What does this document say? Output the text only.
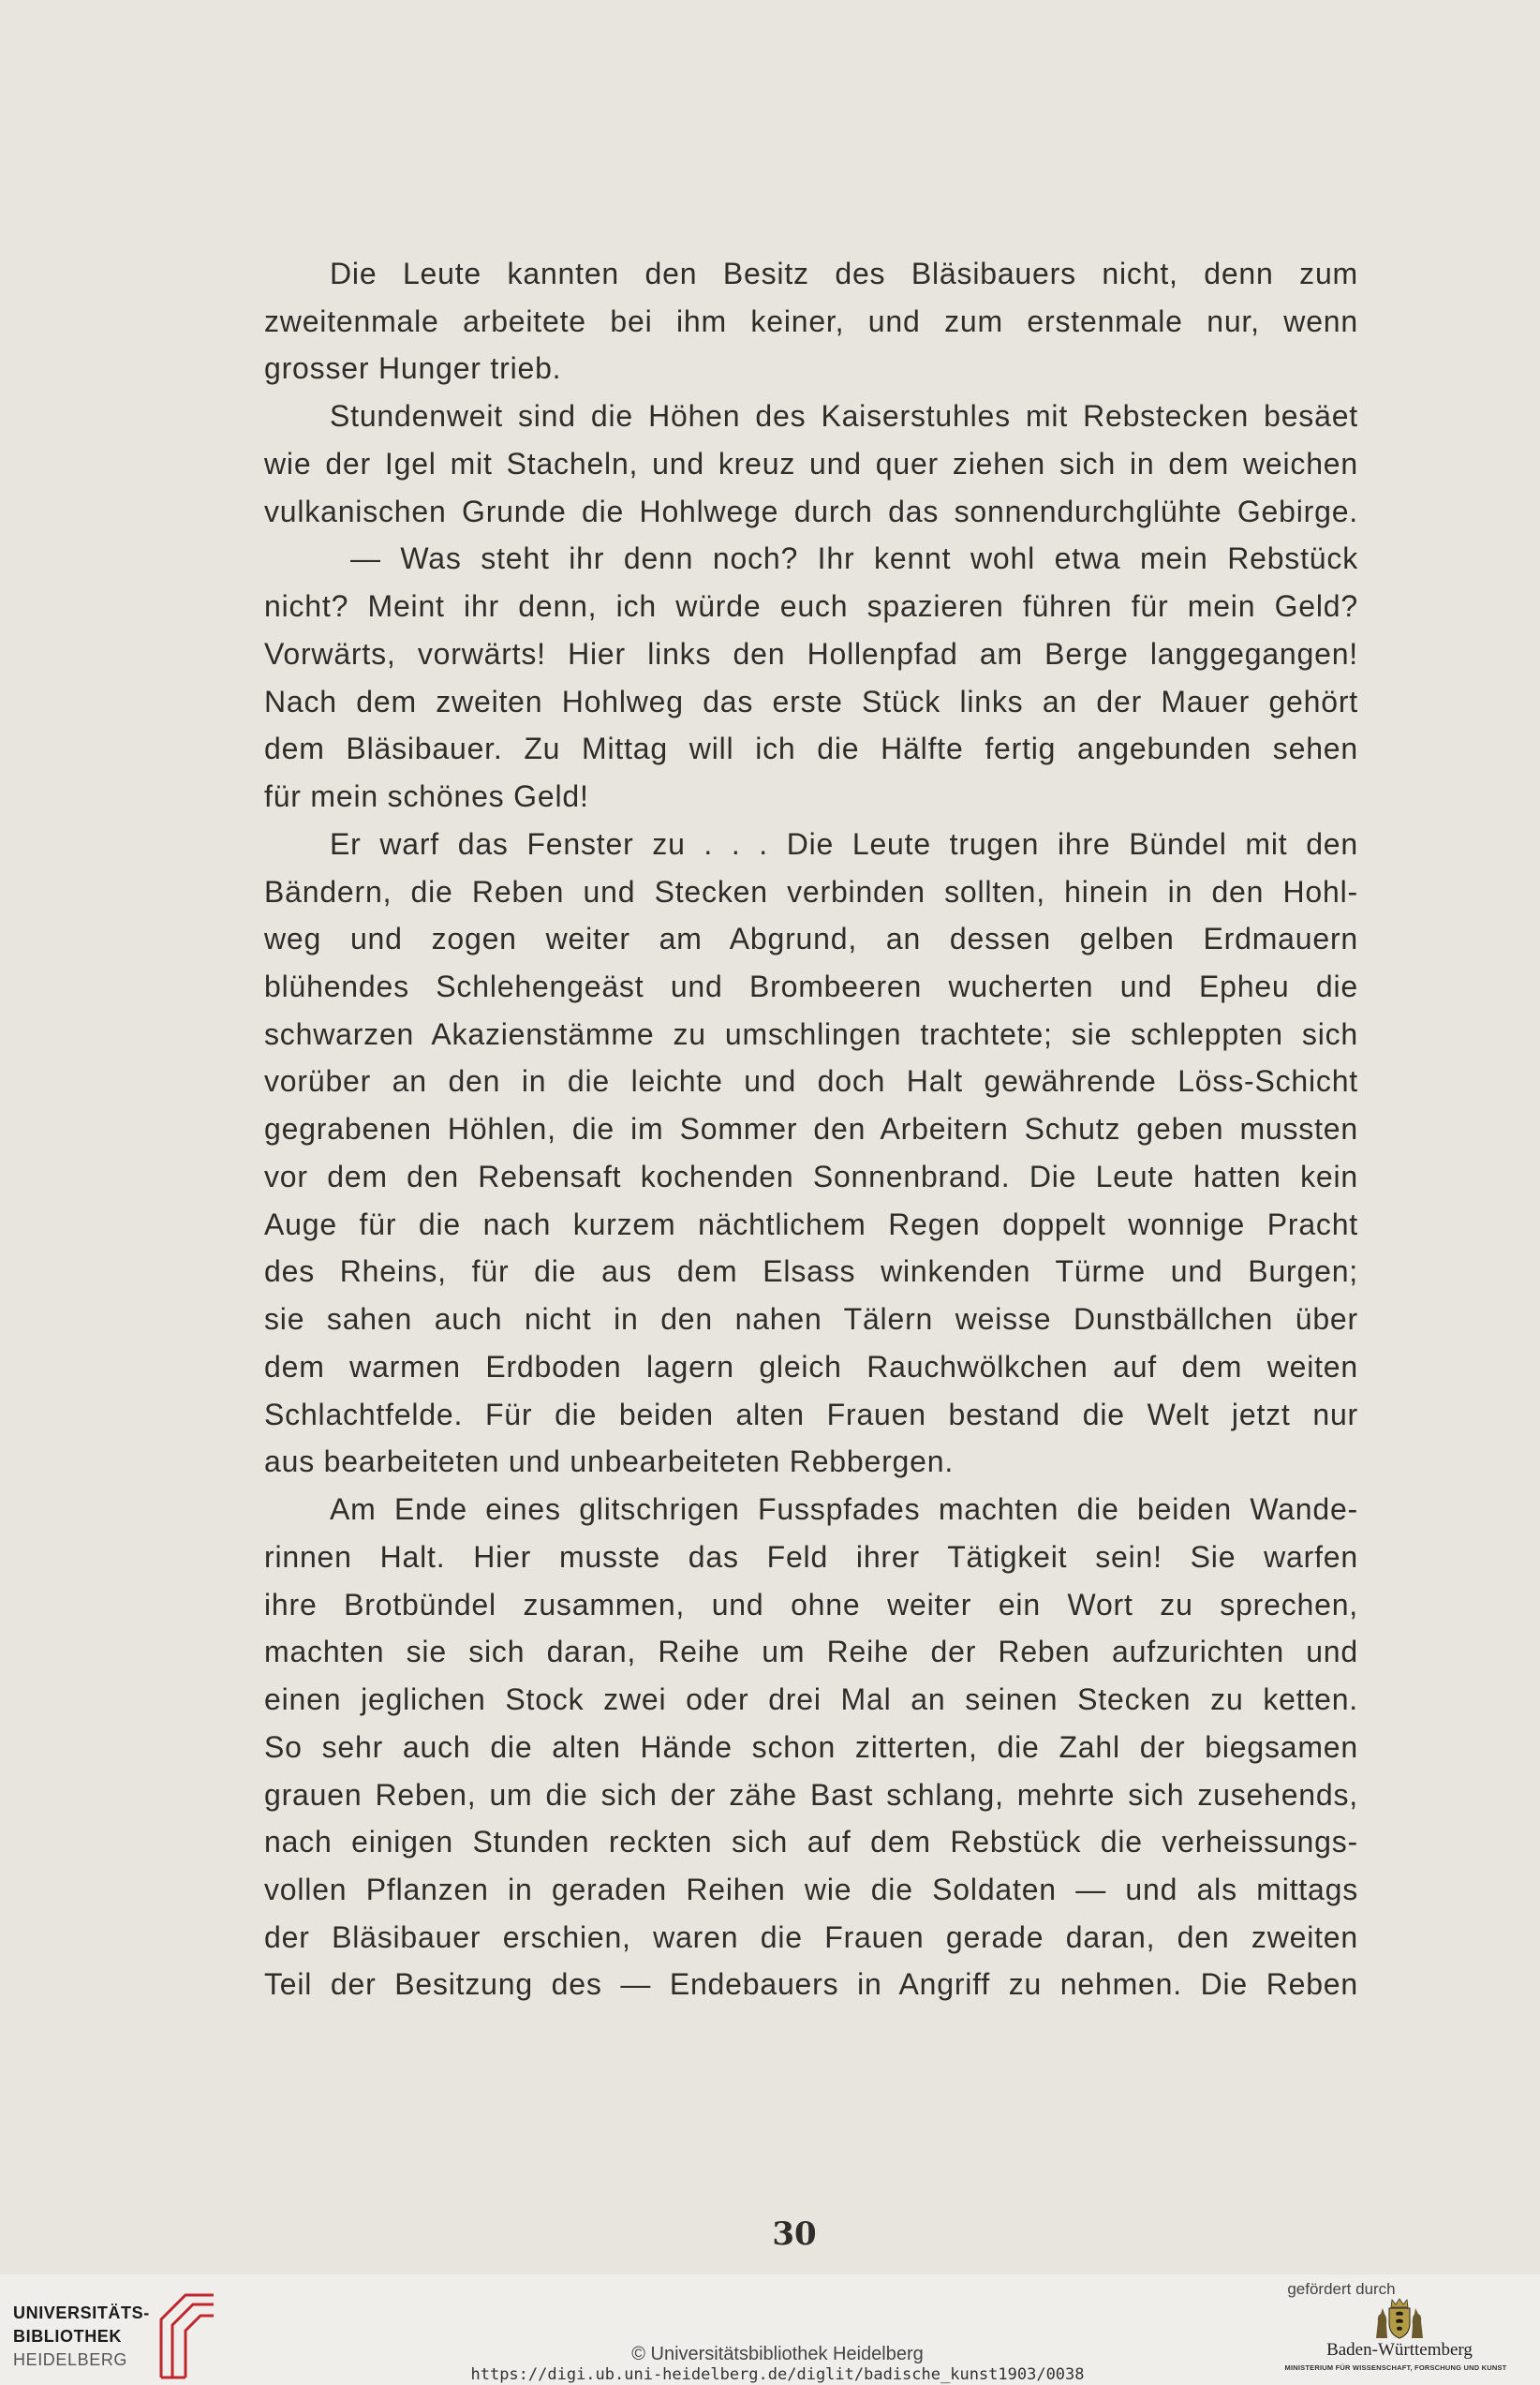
Die Leute kannten den Besitz des Bläsibauers nicht, denn zum
zweitenmale arbeitete bei ihm keiner, und zum erstenmale nur, wenn
grosser Hunger trieb.
Stundenweit sind die Höhen des Kaiserstuhles mit Rebstecken besäet
wie der Igel mit Stacheln, und kreuz und quer ziehen sich in dem weichen
vulkanischen Grunde die Hohlwege durch das sonnendurchglühte Gebirge.
— Was steht ihr denn noch? Ihr kennt wohl etwa mein Rebstück
nicht? Meint ihr denn, ich würde euch spazieren führen für mein Geld?
Vorwärts, vorwärts! Hier links den Hollenpfad am Berge langgegangen!
Nach dem zweiten Hohlweg das erste Stück links an der Mauer gehört
dem Bläsibauer. Zu Mittag will ich die Hälfte fertig angebunden sehen
für mein schönes Geld!
Er warf das Fenster zu . . . Die Leute trugen ihre Bündel mit den
Bändern, die Reben und Stecken verbinden sollten, hinein in den Hohl-
weg und zogen weiter am Abgrund, an dessen gelben Erdmauern
blühendes Schlehengeäst und Brombeeren wucherten und Epheu die
schwarzen Akazienstämme zu umschlingen trachtete; sie schleppten sich
vorüber an den in die leichte und doch Halt gewährende Löss-Schicht
gegrabenen Höhlen, die im Sommer den Arbeitern Schutz geben mussten
vor dem den Rebensaft kochenden Sonnenbrand. Die Leute hatten kein
Auge für die nach kurzem nächtlichem Regen doppelt wonnige Pracht
des Rheins, für die aus dem Elsass winkenden Türme und Burgen;
sie sahen auch nicht in den nahen Tälern weisse Dunstbällchen über
dem warmen Erdboden lagern gleich Rauchwölkchen auf dem weiten
Schlachtfelde. Für die beiden alten Frauen bestand die Welt jetzt nur
aus bearbeiteten und unbearbeiteten Rebbergen.
Am Ende eines glitschrigen Fusspfades machten die beiden Wande-
rinnen Halt. Hier musste das Feld ihrer Tätigkeit sein! Sie warfen
ihre Brotbündel zusammen, und ohne weiter ein Wort zu sprechen,
machten sie sich daran, Reihe um Reihe der Reben aufzurichten und
einen jeglichen Stock zwei oder drei Mal an seinen Stecken zu ketten.
So sehr auch die alten Hände schon zitterten, die Zahl der biegsamen
grauen Reben, um die sich der zähe Bast schlang, mehrte sich zusehends,
nach einigen Stunden reckten sich auf dem Rebstück die verheissungs-
vollen Pflanzen in geraden Reihen wie die Soldaten — und als mittags
der Bläsibauer erschien, waren die Frauen gerade daran, den zweiten
Teil der Besitzung des — Endebauers in Angriff zu nehmen. Die Reben
30
UNIVERSITÄTS-
BIBLIOTHEK
HEIDELBERG	© Universitätsbibliothek Heidelberg
https://digi.ub.uni-heidelberg.de/diglit/badische_kunst1903/0038
gefördert durch
Baden-Württemberg
MINISTERIUM FÜR WISSENSCHAFT, FORSCHUNG UND KUNST
